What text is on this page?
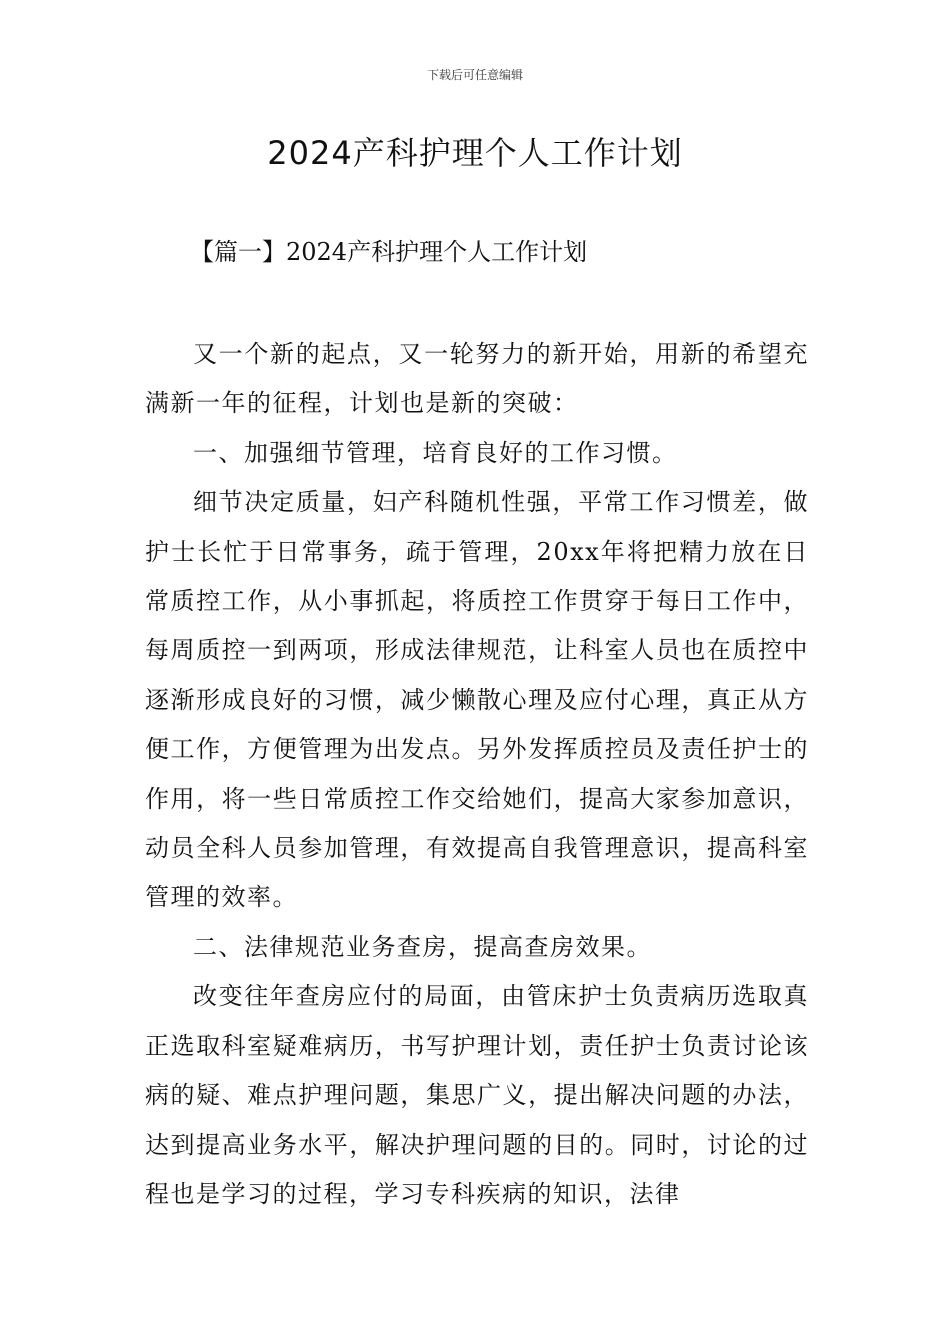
下载后可任意编辑
2024产科护理个人工作计划
【篇一】2024产科护理个人工作计划

又一个新的起点，又一轮努力的新开始，用新的希望充满新一年的征程，计划也是新的突破：

一、加强细节管理，培育良好的工作习惯。

细节决定质量，妇产科随机性强，平常工作习惯差，做护士长忙于日常事务，疏于管理，20xx年将把精力放在日常质控工作，从小事抓起，将质控工作贯穿于每日工作中，每周质控一到两项，形成法律规范，让科室人员也在质控中逐渐形成良好的习惯，减少懒散心理及应付心理，真正从方便工作，方便管理为出发点。另外发挥质控员及责任护士的作用，将一些日常质控工作交给她们，提高大家参加意识，动员全科人员参加管理，有效提高自我管理意识，提高科室管理的效率。

二、法律规范业务查房，提高查房效果。

改变往年查房应付的局面，由管床护士负责病历选取真正选取科室疑难病历，书写护理计划，责任护士负责讨论该病的疑、难点护理问题，集思广义，提出解决问题的办法，达到提高业务水平，解决护理问题的目的。同时，讨论的过程也是学习的过程，学习专科疾病的知识，法律
